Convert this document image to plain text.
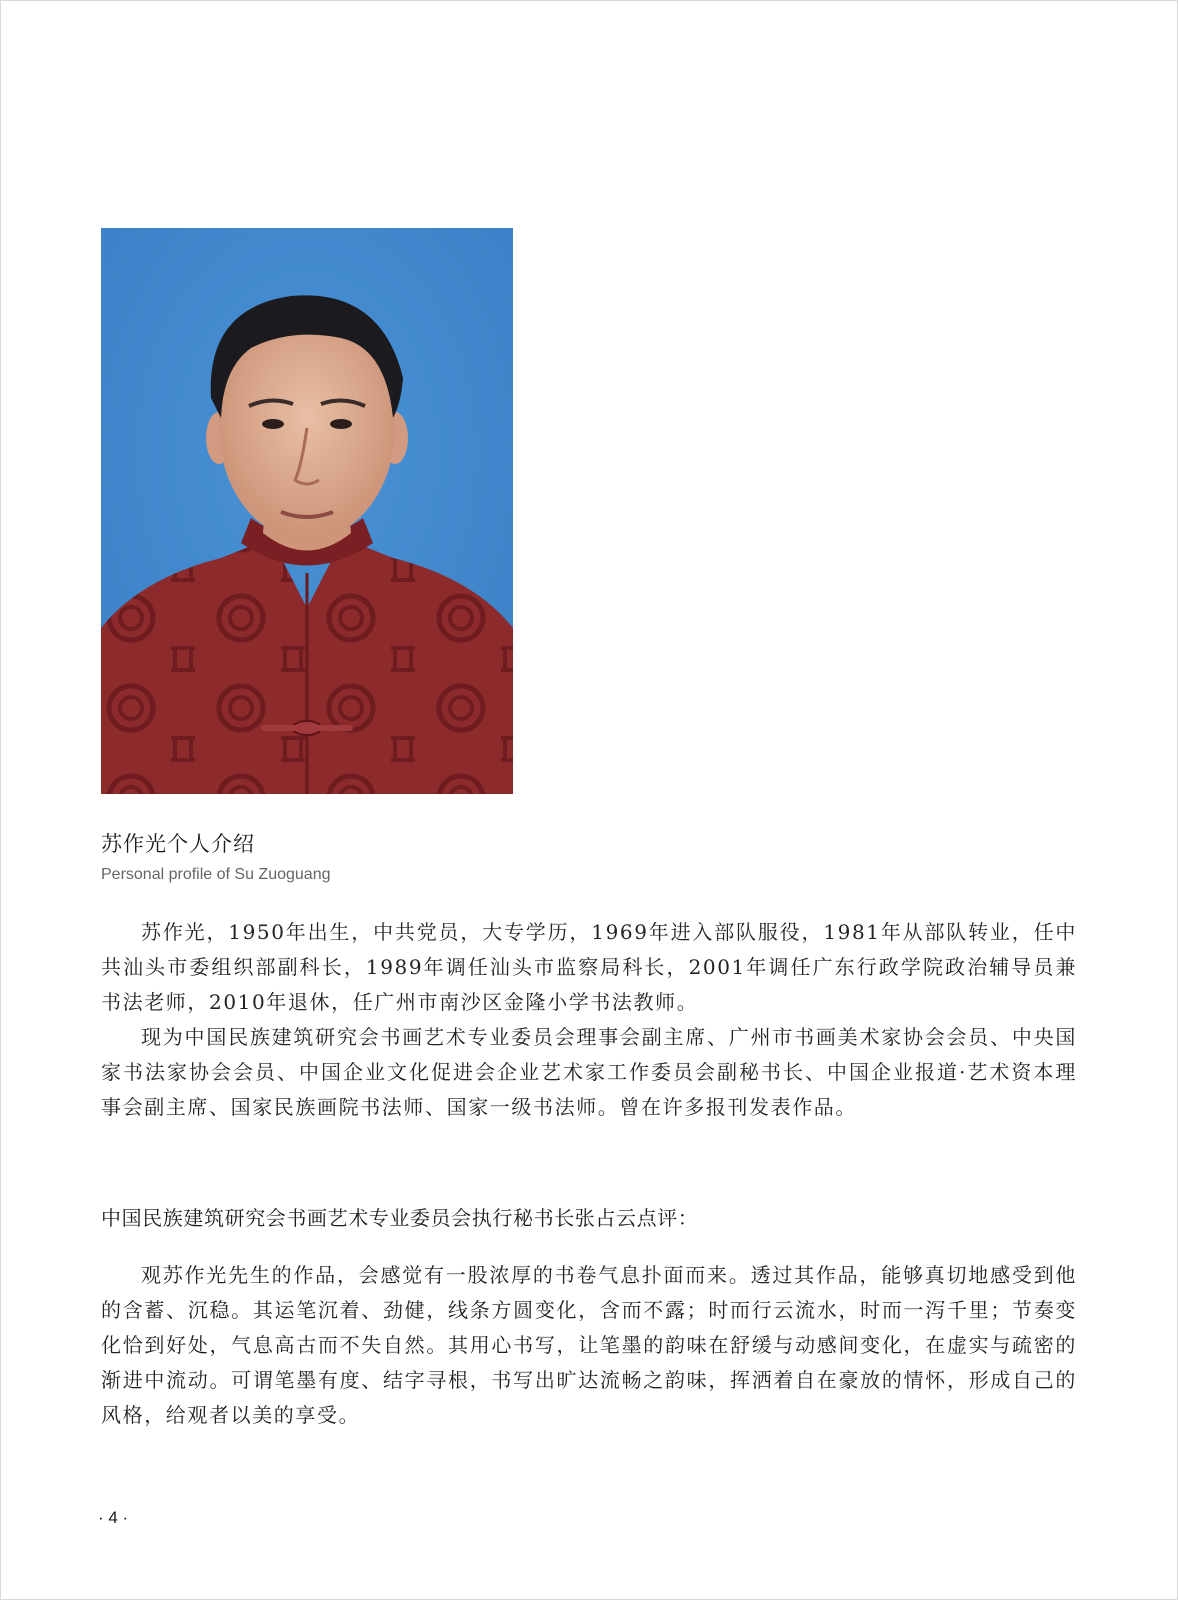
苏作光个人介绍
Personal profile of Su Zuoguang

苏作光，1950年出生，中共党员，大专学历，1969年进入部队服役，1981年从部队转业，任中共汕头市委组织部副科长，1989年调任汕头市监察局科长，2001年调任广东行政学院政治辅导员兼书法老师，2010年退休，任广州市南沙区金隆小学书法教师。

现为中国民族建筑研究会书画艺术专业委员会理事会副主席、广州市书画美术家协会会员、中央国家书法家协会会员、中国企业文化促进会企业艺术家工作委员会副秘书长、中国企业报道·艺术资本理事会副主席、国家民族画院书法师、国家一级书法师。曾在许多报刊发表作品。

中国民族建筑研究会书画艺术专业委员会执行秘书长张占云点评：

观苏作光先生的作品，会感觉有一股浓厚的书卷气息扑面而来。透过其作品，能够真切地感受到他的含蓄、沉稳。其运笔沉着、劲健，线条方圆变化，含而不露；时而行云流水，时而一泻千里；节奏变化恰到好处，气息高古而不失自然。其用心书写，让笔墨的韵味在舒缓与动感间变化，在虚实与疏密的渐进中流动。可谓笔墨有度、结字寻根，书写出旷达流畅之韵味，挥洒着自在豪放的情怀，形成自己的风格，给观者以美的享受。

· 4 ·
